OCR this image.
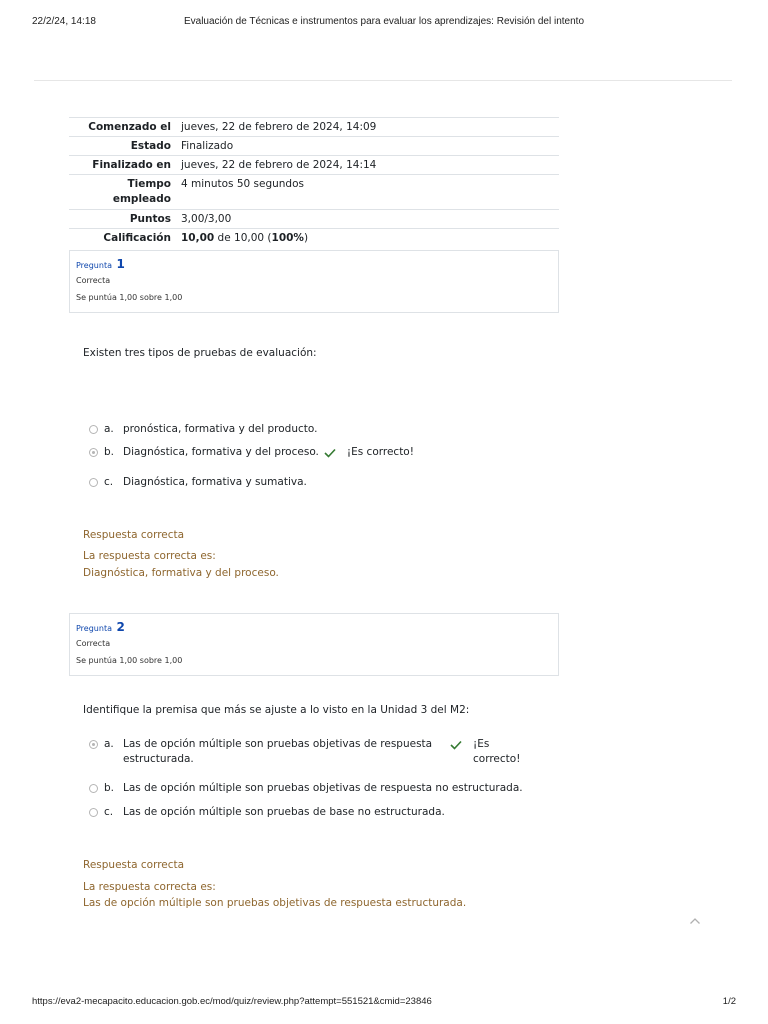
22/2/24, 14:18	Evaluación de Técnicas e instrumentos para evaluar los aprendizajes: Revisión del intento
Comenzado el jueves, 22 de febrero de 2024, 14:09
Estado Finalizado
Finalizado en jueves, 22 de febrero de 2024, 14:14
Tiempo
empleado
4 minutos 50 segundos
Puntos 3,00/3,00
Calificación 10,00 de 10,00 (100%)
Pregunta 1
Correcta
Se puntúa 1,00 sobre 1,00
Existen tres tipos de pruebas de evaluación:
a. pronóstica, formativa y del producto.
b. Diagnóstica, formativa y del proceso.	¡Es correcto!
c. Diagnóstica, formativa y sumativa.
Respuesta correcta
La respuesta correcta es:
Diagnóstica, formativa y del proceso.
Pregunta 2
Correcta
Se puntúa 1,00 sobre 1,00
Identifique la premisa que más se ajuste a lo visto en la Unidad 3 del M2:
a. Las de opción múltiple son pruebas objetivas de respuesta
estructurada.
¡Es
correcto!
b. Las de opción múltiple son pruebas objetivas de respuesta no estructurada.
c. Las de opción múltiple son pruebas de base no estructurada.
Respuesta correcta
La respuesta correcta es:
Las de opción múltiple son pruebas objetivas de respuesta estructurada.
https://eva2-mecapacito.educacion.gob.ec/mod/quiz/review.php?attempt=551521&cmid=23846	1/2
